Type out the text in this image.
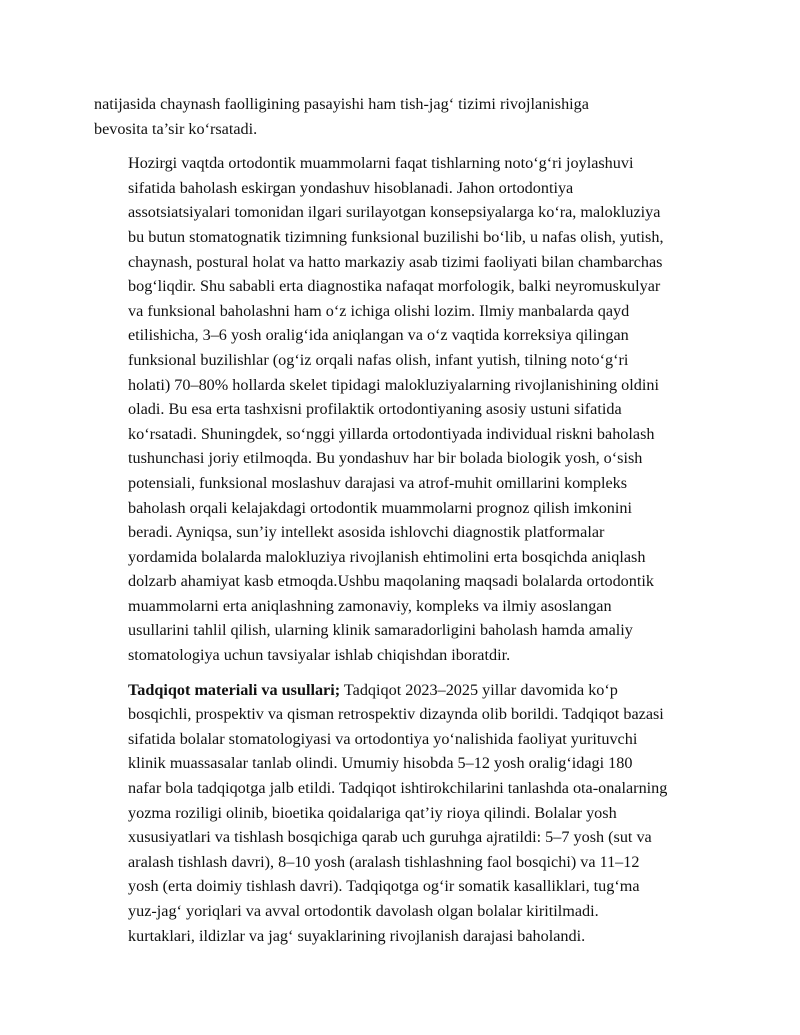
natijasida chaynash faolligining pasayishi ham tish-jag‘ tizimi rivojlanishiga
bevosita ta’sir ko‘rsatadi.

Hozirgi vaqtda ortodontik muammolarni faqat tishlarning noto‘g‘ri joylashuvi
sifatida baholash eskirgan yondashuv hisoblanadi. Jahon ortodontiya
assotsiatsiyalari tomonidan ilgari surilayotgan konsepsiyalarga ko‘ra, malokluziya
bu butun stomatognatik tizimning funksional buzilishi bo‘lib, u nafas olish, yutish,
chaynash, postural holat va hatto markaziy asab tizimi faoliyati bilan chambarchas
bog‘liqdir. Shu sababli erta diagnostika nafaqat morfologik, balki neyromuskulyar
va funksional baholashni ham o‘z ichiga olishi lozim. Ilmiy manbalarda qayd
etilishicha, 3–6 yosh oralig‘ida aniqlangan va o‘z vaqtida korreksiya qilingan
funksional buzilishlar (og‘iz orqali nafas olish, infant yutish, tilning noto‘g‘ri
holati) 70–80% hollarda skelet tipidagi malokluziyalarning rivojlanishining oldini
oladi. Bu esa erta tashxisni profilaktik ortodontiyaning asosiy ustuni sifatida
ko‘rsatadi. Shuningdek, so‘nggi yillarda ortodontiyada individual riskni baholash
tushunchasi joriy etilmoqda. Bu yondashuv har bir bolada biologik yosh, o‘sish
potensiali, funksional moslashuv darajasi va atrof-muhit omillarini kompleks
baholash orqali kelajakdagi ortodontik muammolarni prognoz qilish imkonini
beradi. Ayniqsa, sun’iy intellekt asosida ishlovchi diagnostik platformalar
yordamida bolalarda malokluziya rivojlanish ehtimolini erta bosqichda aniqlash
dolzarb ahamiyat kasb etmoqda.Ushbu maqolaning maqsadi bolalarda ortodontik
muammolarni erta aniqlashning zamonaviy, kompleks va ilmiy asoslangan
usullarini tahlil qilish, ularning klinik samaradorligini baholash hamda amaliy
stomatologiya uchun tavsiyalar ishlab chiqishdan iboratdir.

Tadqiqot materiali va usullari; Tadqiqot 2023–2025 yillar davomida ko‘p
bosqichli, prospektiv va qisman retrospektiv dizaynda olib borildi. Tadqiqot bazasi
sifatida bolalar stomatologiyasi va ortodontiya yo‘nalishida faoliyat yurituvchi
klinik muassasalar tanlab olindi. Umumiy hisobda 5–12 yosh oralig‘idagi 180
nafar bola tadqiqotga jalb etildi. Tadqiqot ishtirokchilarini tanlashda ota-onalarning
yozma roziligi olinib, bioetika qoidalariga qat’iy rioya qilindi. Bolalar yosh
xususiyatlari va tishlash bosqichiga qarab uch guruhga ajratildi: 5–7 yosh (sut va
aralash tishlash davri), 8–10 yosh (aralash tishlashning faol bosqichi) va 11–12
yosh (erta doimiy tishlash davri). Tadqiqotga og‘ir somatik kasalliklari, tug‘ma
yuz-jag‘ yoriqlari va avval ortodontik davolash olgan bolalar kiritilmadi.
kurtaklari, ildizlar va jag‘ suyaklarining rivojlanish darajasi baholandi.
